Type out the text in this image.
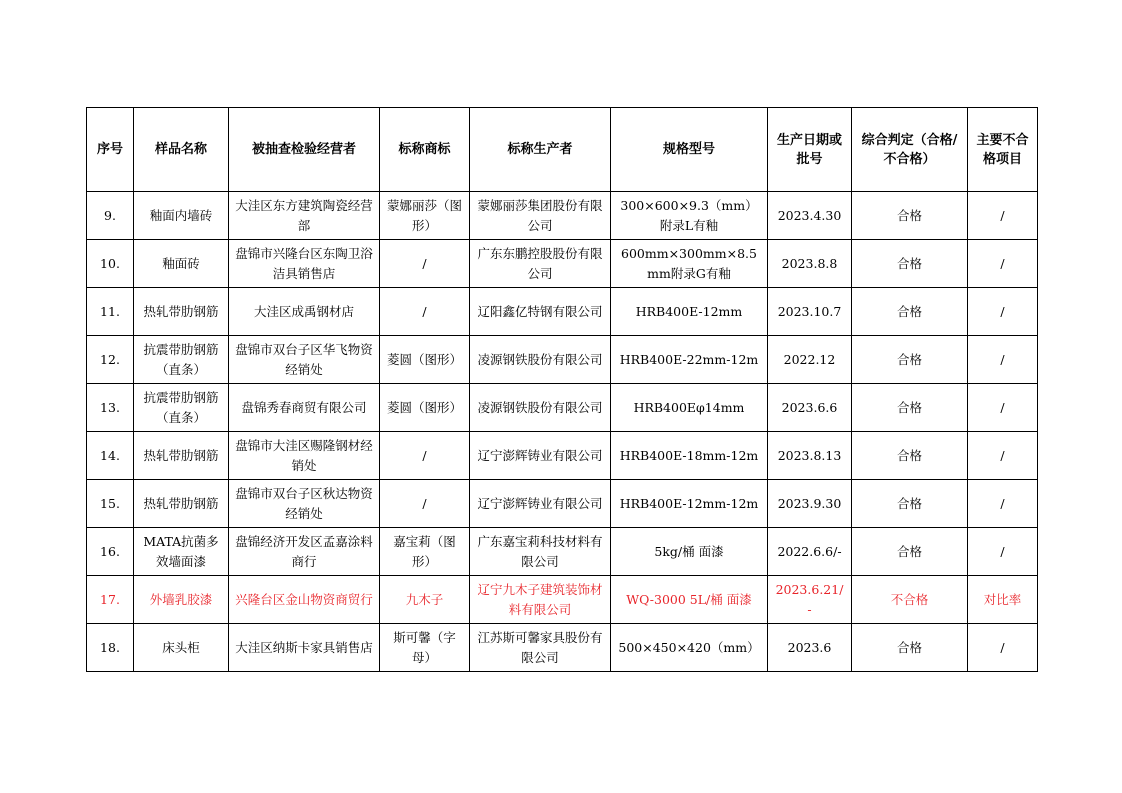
序号	样品名称	被抽查检验经营者	标称商标	标称生产者	规格型号	生产日期或批号	综合判定（合格/不合格）	主要不合格项目
9.	釉面内墙砖	大洼区东方建筑陶瓷经营部	蒙娜丽莎（图形）	蒙娜丽莎集团股份有限公司	300×600×9.3（mm）附录L有釉	2023.4.30	合格	/
10.	釉面砖	盘锦市兴隆台区东陶卫浴洁具销售店	/	广东东鹏控股股份有限公司	600mm×300mm×8.5mm附录G有釉	2023.8.8	合格	/
11.	热轧带肋钢筋	大洼区成禹钢材店	/	辽阳鑫亿特钢有限公司	HRB400E-12mm	2023.10.7	合格	/
12.	抗震带肋钢筋（直条）	盘锦市双台子区华飞物资经销处	菱圆（图形）	凌源钢铁股份有限公司	HRB400E-22mm-12m	2022.12	合格	/
13.	抗震带肋钢筋（直条）	盘锦秀春商贸有限公司	菱圆（图形）	凌源钢铁股份有限公司	HRB400Eφ14mm	2023.6.6	合格	/
14.	热轧带肋钢筋	盘锦市大洼区赐隆钢材经销处	/	辽宁澎辉铸业有限公司	HRB400E-18mm-12m	2023.8.13	合格	/
15.	热轧带肋钢筋	盘锦市双台子区秋达物资经销处	/	辽宁澎辉铸业有限公司	HRB400E-12mm-12m	2023.9.30	合格	/
16.	MATA抗菌多效墙面漆	盘锦经济开发区孟嘉涂料商行	嘉宝莉（图形）	广东嘉宝莉科技材料有限公司	5kg/桶 面漆	2022.6.6/-	合格	/
17.	外墙乳胶漆	兴隆台区金山物资商贸行	九木子	辽宁九木子建筑装饰材料有限公司	WQ-3000 5L/桶 面漆	2023.6.21/-	不合格	对比率
18.	床头柜	大洼区纳斯卡家具销售店	斯可馨（字母）	江苏斯可馨家具股份有限公司	500×450×420（mm）	2023.6	合格	/
